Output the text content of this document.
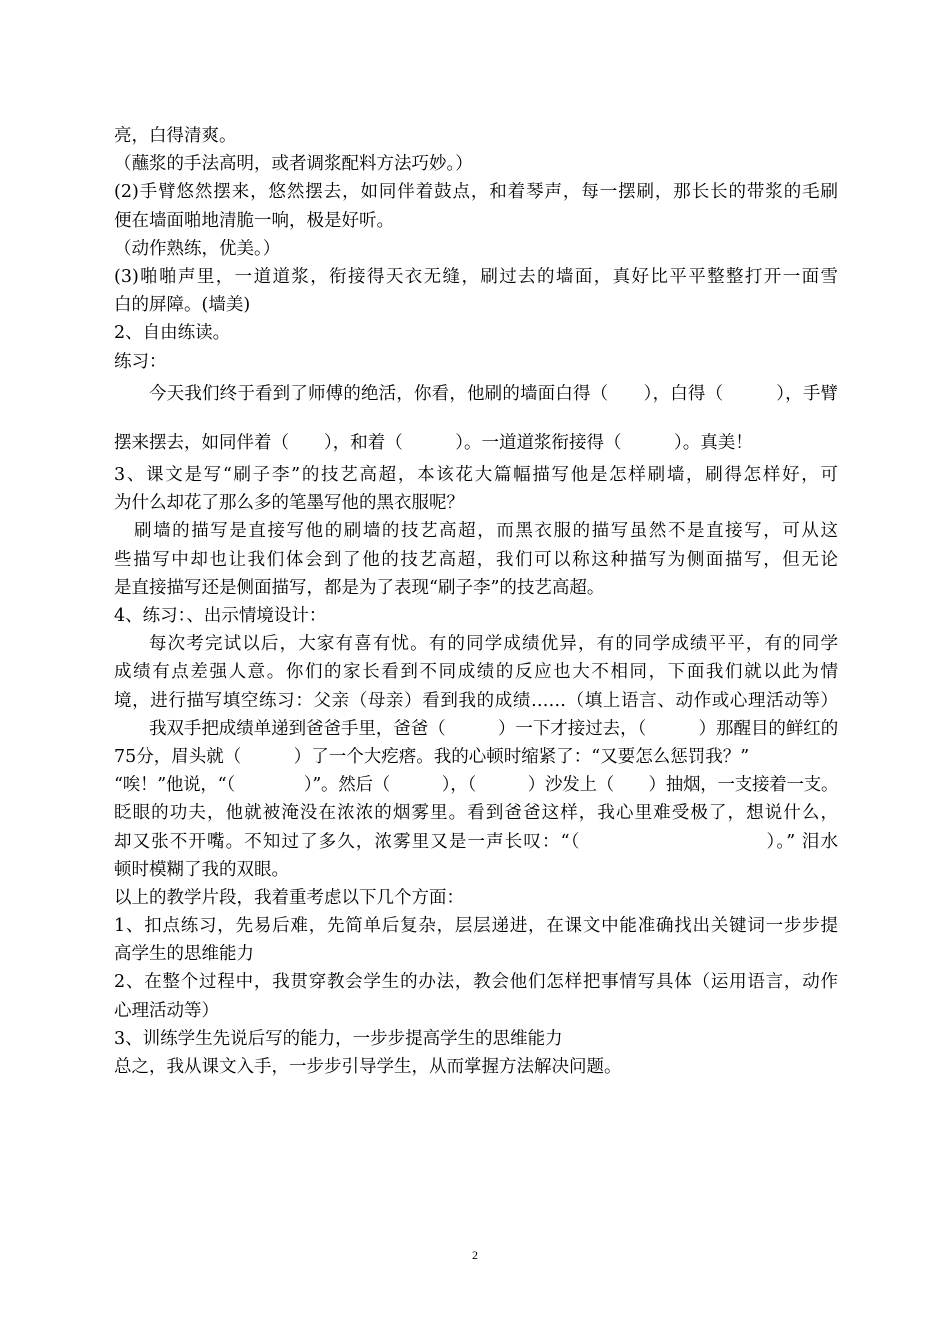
亮，白得清爽。
（蘸浆的手法高明，或者调浆配料方法巧妙。）
(2)手臂悠然摆来，悠然摆去，如同伴着鼓点，和着琴声，每一摆刷，那长长的带浆的毛刷
便在墙面啪地清脆一响，极是好听。
（动作熟练，优美。）
(3)啪啪声里，一道道浆，衔接得天衣无缝，刷过去的墙面，真好比平平整整打开一面雪
白的屏障。(墙美)
2、自由练读。
练习：
今天我们终于看到了师傅的绝活，你看，他刷的墙面白得（　　），白得（　　　），手臂
摆来摆去，如同伴着（　　），和着（　　　）。一道道浆衔接得（　　　）。真美！
3、课文是写“刷子李”的技艺高超，本该花大篇幅描写他是怎样刷墙，刷得怎样好，可
为什么却花了那么多的笔墨写他的黑衣服呢？
刷墙的描写是直接写他的刷墙的技艺高超，而黑衣服的描写虽然不是直接写，可从这
些描写中却也让我们体会到了他的技艺高超，我们可以称这种描写为侧面描写，但无论
是直接描写还是侧面描写，都是为了表现“刷子李”的技艺高超。
4、练习：、出示情境设计：
每次考完试以后，大家有喜有忧。有的同学成绩优异，有的同学成绩平平，有的同学
成绩有点差强人意。你们的家长看到不同成绩的反应也大不相同，下面我们就以此为情
境，进行描写填空练习：父亲（母亲）看到我的成绩……（填上语言、动作或心理活动等）
我双手把成绩单递到爸爸手里，爸爸（　　　）一下才接过去，（　　　）那醒目的鲜红的
75分，眉头就（　　　）了一个大疙瘩。我的心顿时缩紧了：“又要怎么惩罚我？”
“唉！”他说，“（　　　　）”。然后（　　　），（　　　）沙发上（　　）抽烟，一支接着一支。
眨眼的功夫，他就被淹没在浓浓的烟雾里。看到爸爸这样，我心里难受极了，想说什么，
却又张不开嘴。不知过了多久，浓雾里又是一声长叹：“（　　　　　　　　　　）。” 泪水
顿时模糊了我的双眼。
以上的教学片段，我着重考虑以下几个方面：
1、扣点练习，先易后难，先简单后复杂，层层递进，在课文中能准确找出关键词一步步提
高学生的思维能力
2、在整个过程中，我贯穿教会学生的办法，教会他们怎样把事情写具体（运用语言，动作
心理活动等）
3、训练学生先说后写的能力，一步步提高学生的思维能力
总之，我从课文入手，一步步引导学生，从而掌握方法解决问题。
2
